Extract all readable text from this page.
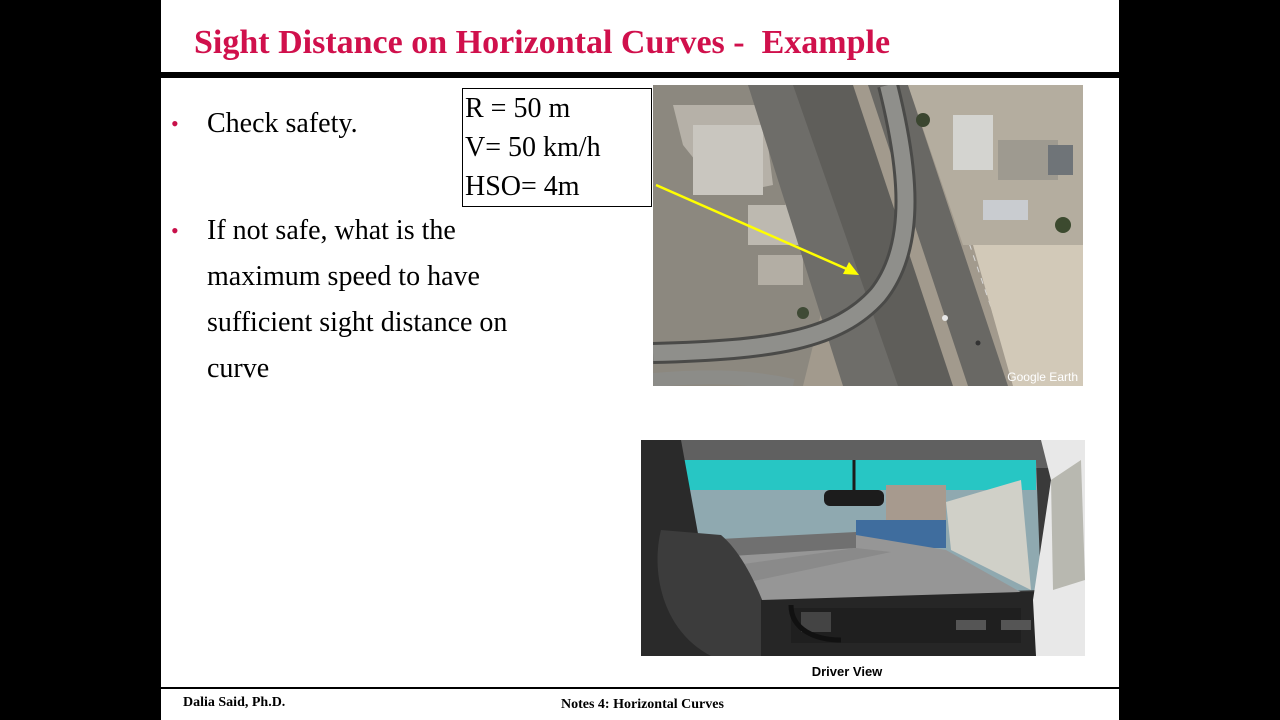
Sight Distance on Horizontal Curves -  Example
• Check safety.
• If not safe, what is the
maximum speed to have
sufficient sight distance on
curve
R = 50 m
V= 50 km/h
HSO= 4m
Google Earth
Driver View
Dalia Said, Ph.D.	Notes 4: Horizontal Curves
